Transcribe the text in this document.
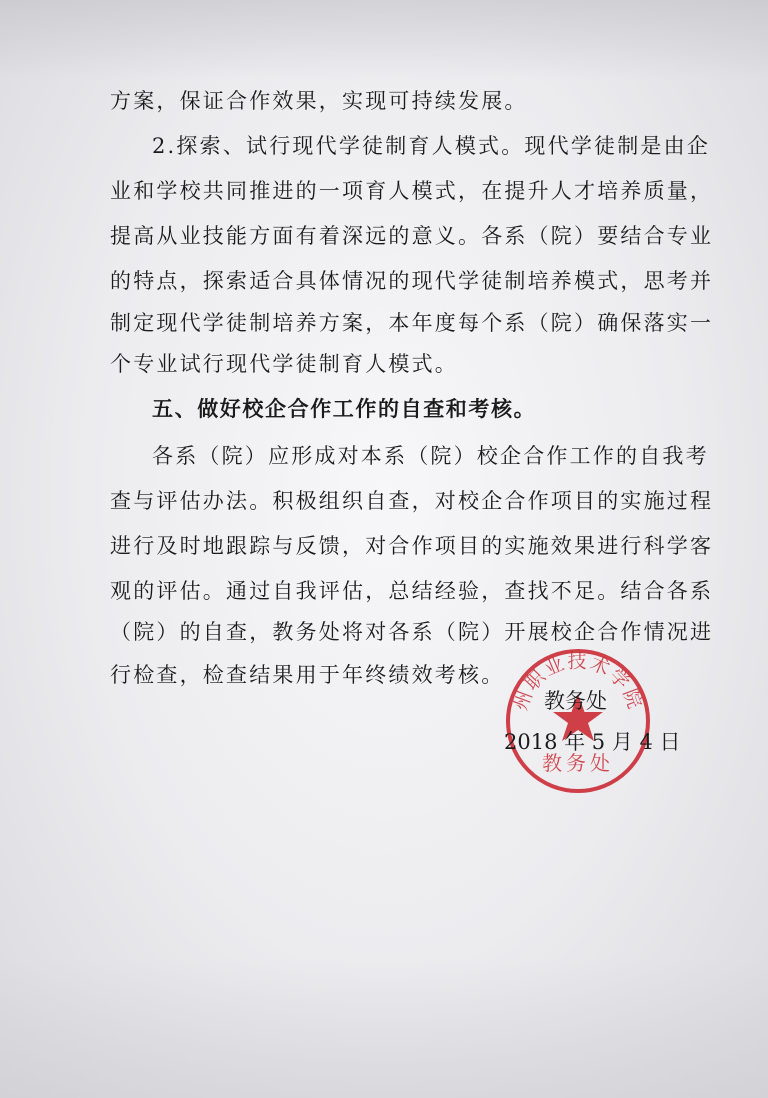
方案，保证合作效果，实现可持续发展。
2.探索、试行现代学徒制育人模式。现代学徒制是由企
业和学校共同推进的一项育人模式，在提升人才培养质量，
提高从业技能方面有着深远的意义。各系（院）要结合专业
的特点，探索适合具体情况的现代学徒制培养模式，思考并
制定现代学徒制培养方案，本年度每个系（院）确保落实一
个专业试行现代学徒制育人模式。
五、做好校企合作工作的自查和考核。
各系（院）应形成对本系（院）校企合作工作的自我考
查与评估办法。积极组织自查，对校企合作项目的实施过程
进行及时地跟踪与反馈，对合作项目的实施效果进行科学客
观的评估。通过自我评估，总结经验，查找不足。结合各系
（院）的自查，教务处将对各系（院）开展校企合作情况进
行检查，检查结果用于年终绩效考核。
州职业技术学院
教务处
教务处
2018 年 5 月 4 日
